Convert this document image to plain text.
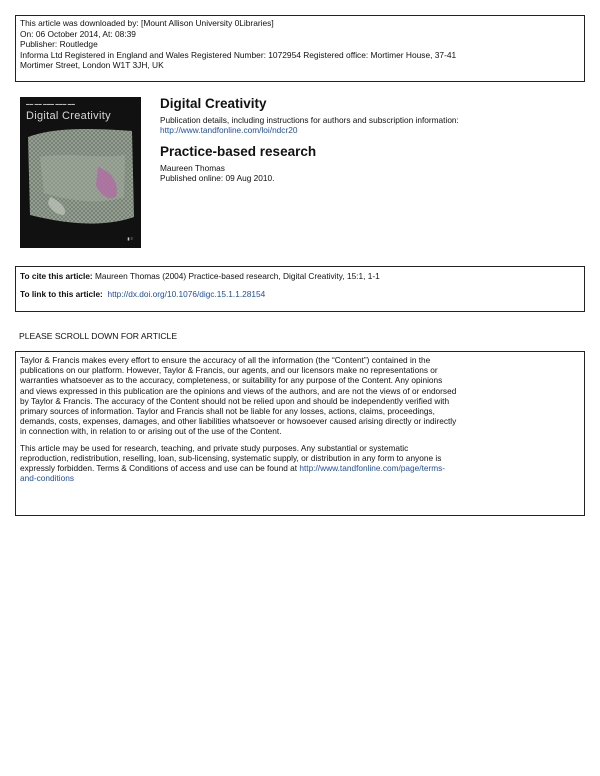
This article was downloaded by: [Mount Allison University 0Libraries]
On: 06 October 2014, At: 08:39
Publisher: Routledge
Informa Ltd Registered in England and Wales Registered Number: 1072954 Registered office: Mortimer House, 37-41
Mortimer Street, London W1T 3JH, UK
▬▬ ▬▬ ▬▬▬ ▬▬▬ ▬▬
Digital Creativity
▮ ≡
Digital Creativity
Publication details, including instructions for authors and subscription information:
http://www.tandfonline.com/loi/ndcr20
Practice-based research
Maureen Thomas
Published online: 09 Aug 2010.
To cite this article: Maureen Thomas (2004) Practice-based research, Digital Creativity, 15:1, 1-1
To link to this article: http://dx.doi.org/10.1076/digc.15.1.1.28154
PLEASE SCROLL DOWN FOR ARTICLE

Taylor & Francis makes every effort to ensure the accuracy of all the information (the “Content”) contained in the
publications on our platform. However, Taylor & Francis, our agents, and our licensors make no representations or
warranties whatsoever as to the accuracy, completeness, or suitability for any purpose of the Content. Any opinions
and views expressed in this publication are the opinions and views of the authors, and are not the views of or endorsed
by Taylor & Francis. The accuracy of the Content should not be relied upon and should be independently verified with
primary sources of information. Taylor and Francis shall not be liable for any losses, actions, claims, proceedings,
demands, costs, expenses, damages, and other liabilities whatsoever or howsoever caused arising directly or indirectly
in connection with, in relation to or arising out of the use of the Content.

This article may be used for research, teaching, and private study purposes. Any substantial or systematic
reproduction, redistribution, reselling, loan, sub-licensing, systematic supply, or distribution in any form to anyone is
expressly forbidden. Terms & Conditions of access and use can be found at http://www.tandfonline.com/page/terms-
and-conditions
